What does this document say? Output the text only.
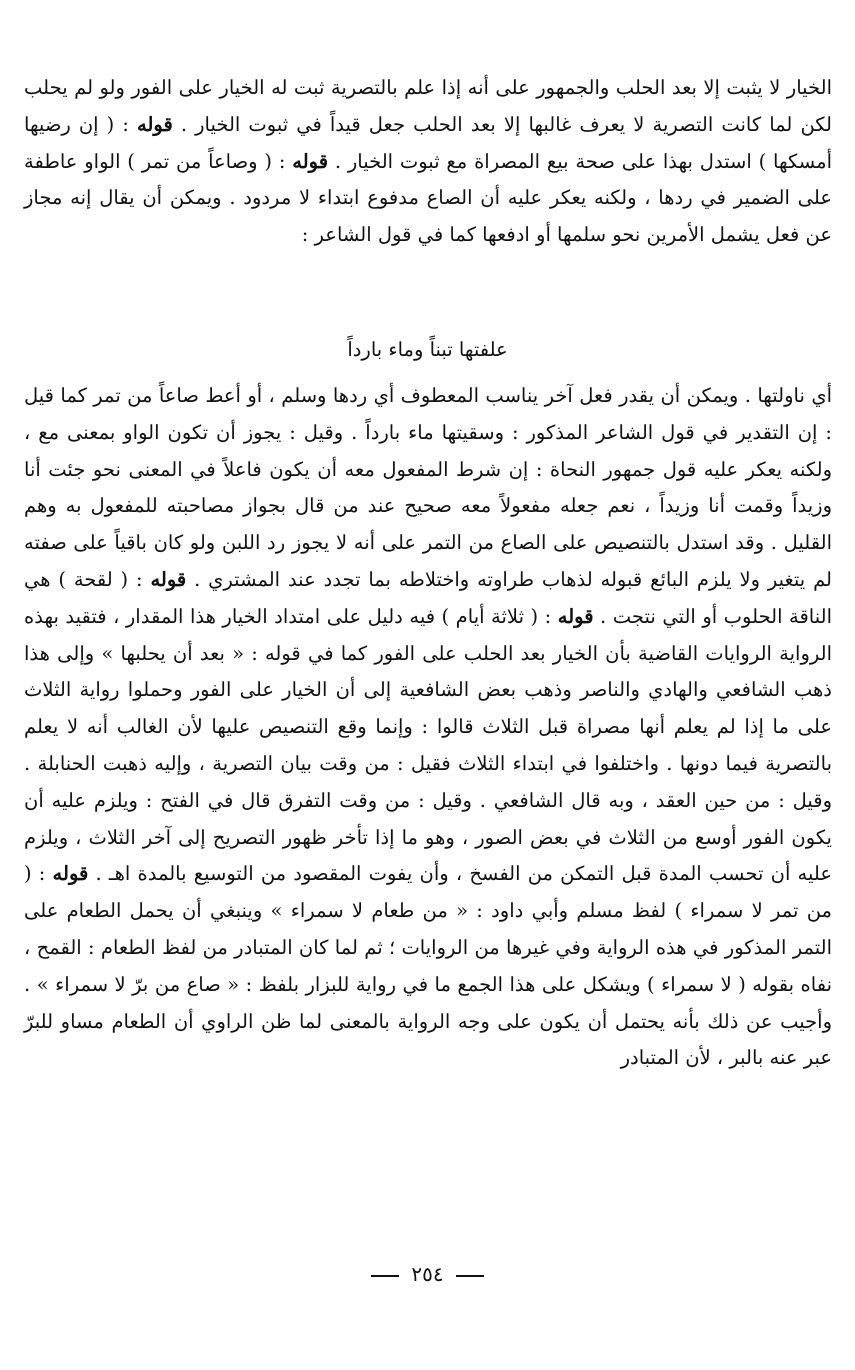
الخيار لا يثبت إلا بعد الحلب والجمهور على أنه إذا علم بالتصرية ثبت له الخيار على الفور ولو لم يحلب لكن لما كانت التصرية لا يعرف غالبها إلا بعد الحلب جعل قيداً في ثبوت الخيار . قوله : ( إن رضيها أمسكها ) استدل بهذا على صحة بيع المصراة مع ثبوت الخيار . قوله : ( وصاعاً من تمر ) الواو عاطفة على الضمير في ردها ، ولكنه يعكر عليه أن الصاع مدفوع ابتداء لا مردود . ويمكن أن يقال إنه مجاز عن فعل يشمل الأمرين نحو سلمها أو ادفعها كما في قول الشاعر :
علفتها تبناً وماء بارداً
أي ناولتها . ويمكن أن يقدر فعل آخر يناسب المعطوف أي ردها وسلم ، أو أعط صاعاً من تمر كما قيل : إن التقدير في قول الشاعر المذكور : وسقيتها ماء بارداً . وقيل : يجوز أن تكون الواو بمعنى مع ، ولكنه يعكر عليه قول جمهور النحاة : إن شرط المفعول معه أن يكون فاعلاً في المعنى نحو جئت أنا وزيداً وقمت أنا وزيداً ، نعم جعله مفعولاً معه صحيح عند من قال بجواز مصاحبته للمفعول به وهم القليل . وقد استدل بالتنصيص على الصاع من التمر على أنه لا يجوز رد اللبن ولو كان باقياً على صفته لم يتغير ولا يلزم البائع قبوله لذهاب طراوته واختلاطه بما تجدد عند المشتري . قوله : ( لقحة ) هي الناقة الحلوب أو التي نتجت . قوله : ( ثلاثة أيام ) فيه دليل على امتداد الخيار هذا المقدار ، فتقيد بهذه الرواية الروايات القاضية بأن الخيار بعد الحلب على الفور كما في قوله : « بعد أن يحلبها » وإلى هذا ذهب الشافعي والهادي والناصر وذهب بعض الشافعية إلى أن الخيار على الفور وحملوا رواية الثلاث على ما إذا لم يعلم أنها مصراة قبل الثلاث قالوا : وإنما وقع التنصيص عليها لأن الغالب أنه لا يعلم بالتصرية فيما دونها . واختلفوا في ابتداء الثلاث فقيل : من وقت بيان التصرية ، وإليه ذهبت الحنابلة . وقيل : من حين العقد ، وبه قال الشافعي . وقيل : من وقت التفرق قال في الفتح : ويلزم عليه أن يكون الفور أوسع من الثلاث في بعض الصور ، وهو ما إذا تأخر ظهور التصريح إلى آخر الثلاث ، ويلزم عليه أن تحسب المدة قبل التمكن من الفسخ ، وأن يفوت المقصود من التوسيع بالمدة اهـ . قوله : ( من تمر لا سمراء ) لفظ مسلم وأبي داود : « من طعام لا سمراء » وينبغي أن يحمل الطعام على التمر المذكور في هذه الرواية وفي غيرها من الروايات ؛ ثم لما كان المتبادر من لفظ الطعام : القمح ، نفاه بقوله ( لا سمراء ) ويشكل على هذا الجمع ما في رواية للبزار بلفظ : « صاع من برّ لا سمراء » . وأجيب عن ذلك بأنه يحتمل أن يكون على وجه الرواية بالمعنى لما ظن الراوي أن الطعام مساو للبرّ عبر عنه بالبر ، لأن المتبادر
٢٥٤
